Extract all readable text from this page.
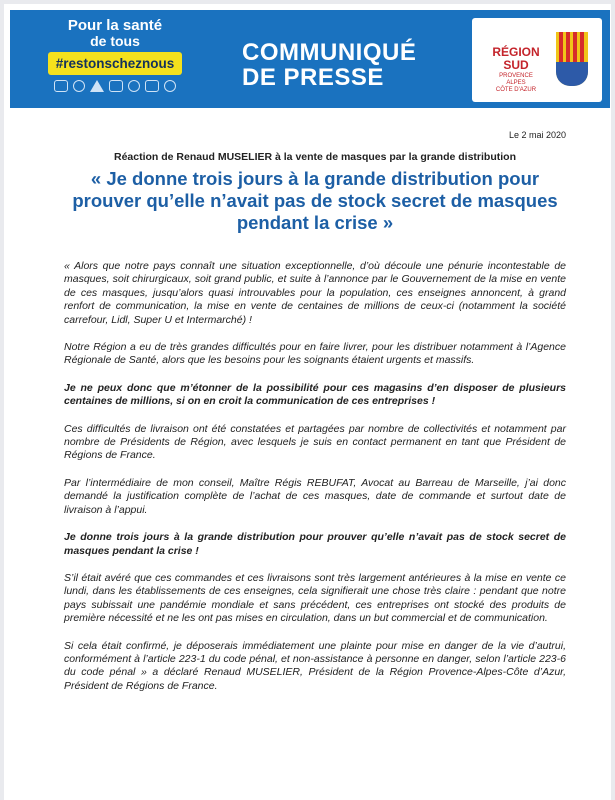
Pour la santé
de tous
#restonscheznous	COMMUNIQUÉ
DE PRESSE
RÉGION
SUD
PROVENCE
ALPES
CÔTE D'AZUR
Le 2 mai 2020
Réaction de Renaud MUSELIER à la vente de masques par la grande distribution
« Je donne trois jours à la grande distribution pour prouver qu’elle n’avait pas de stock secret de masques pendant la crise »

« Alors que notre pays connaît une situation exceptionnelle, d’où découle une pénurie incontestable de masques, soit chirurgicaux, soit grand public, et suite à l’annonce par le Gouvernement de la mise en vente de ces masques, jusqu’alors quasi introuvables pour la population, ces enseignes annoncent, à grand renfort de communication, la mise en vente de centaines de millions de ceux-ci (notamment la société carrefour, Lidl, Super U et Intermarché) !

Notre Région a eu de très grandes difficultés pour en faire livrer, pour les distribuer notamment à l’Agence Régionale de Santé, alors que les besoins pour les soignants étaient urgents et massifs.

Je ne peux donc que m’étonner de la possibilité pour ces magasins d’en disposer de plusieurs centaines de millions, si on en croit la communication de ces entreprises !

Ces difficultés de livraison ont été constatées et partagées par nombre de collectivités et notamment par nombre de Présidents de Région, avec lesquels je suis en contact permanent en tant que Président de Régions de France.

Par l’intermédiaire de mon conseil, Maître Régis REBUFAT, Avocat au Barreau de Marseille, j’ai donc demandé la justification complète de l’achat de ces masques, date de commande et surtout date de livraison à l’appui.

Je donne trois jours à la grande distribution pour prouver qu’elle n’avait pas de stock secret de masques pendant la crise !

S’il était avéré que ces commandes et ces livraisons sont très largement antérieures à la mise en vente ce lundi, dans les établissements de ces enseignes, cela signifierait une chose très claire : pendant que notre pays subissait une pandémie mondiale et sans précédent, ces entreprises ont stocké des produits de première nécessité et ne les ont pas mises en circulation, dans un but commercial et de communication.

Si cela était confirmé, je déposerais immédiatement une plainte pour mise en danger de la vie d’autrui, conformément à l’article 223-1 du code pénal, et non-assistance à personne en danger, selon l’article 223-6 du code pénal » a déclaré Renaud MUSELIER, Président de la Région Provence-Alpes-Côte d’Azur, Président de Régions de France.
